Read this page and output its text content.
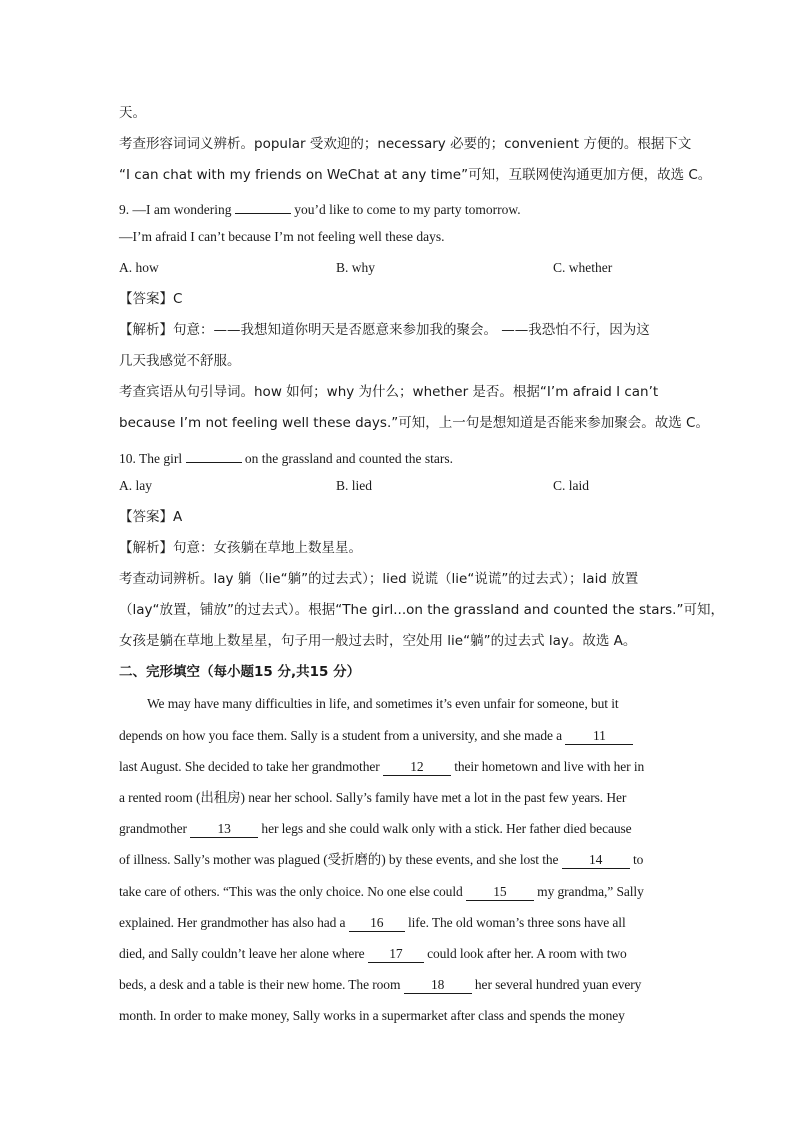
天。
考查形容词词义辨析。popular 受欢迎的；necessary 必要的；convenient 方便的。根据下文
“I can chat with my friends on WeChat at any time”可知，互联网使沟通更加方便，故选 C。
9. —I am wondering	you’d like to come to my party tomorrow.
—I’m afraid I can’t because I’m not feeling well these days.
A. how	B. why	C. whether
【答案】C
【解析】句意：——我想知道你明天是否愿意来参加我的聚会。 ——我恐怕不行，因为这
几天我感觉不舒服。
考查宾语从句引导词。how 如何；why 为什么；whether 是否。根据“I’m afraid I can’t
because I’m not feeling well these days.”可知，上一句是想知道是否能来参加聚会。故选 C。
10. The girl	on the grassland and counted the stars.
A. lay	B. lied	C. laid
【答案】A
【解析】句意：女孩躺在草地上数星星。
考查动词辨析。lay 躺（lie“躺”的过去式）；lied 说谎（lie“说谎”的过去式）；laid 放置
（lay“放置，铺放”的过去式）。根据“The girl...on the grassland and counted the stars.”可知，
女孩是躺在草地上数星星，句子用一般过去时，空处用 lie“躺”的过去式 lay。故选 A。
二、完形填空（每小题15 分,共15 分）
We may have many difficulties in life, and sometimes it’s even unfair for someone, but it
depends on how you face them. Sally is a student from a university, and she made a 11
last August. She decided to take her grandmother 12 their hometown and live with her in
a rented room (出租房) near her school. Sally’s family have met a lot in the past few years. Her
grandmother 13 her legs and she could walk only with a stick. Her father died because
of illness. Sally’s mother was plagued (受折磨的) by these events, and she lost the 14 to
take care of others. “This was the only choice. No one else could 15 my grandma,” Sally
explained. Her grandmother has also had a 16 life. The old woman’s three sons have all
died, and Sally couldn’t leave her alone where 17 could look after her. A room with two
beds, a desk and a table is their new home. The room 18 her several hundred yuan every
month. In order to make money, Sally works in a supermarket after class and spends the money
